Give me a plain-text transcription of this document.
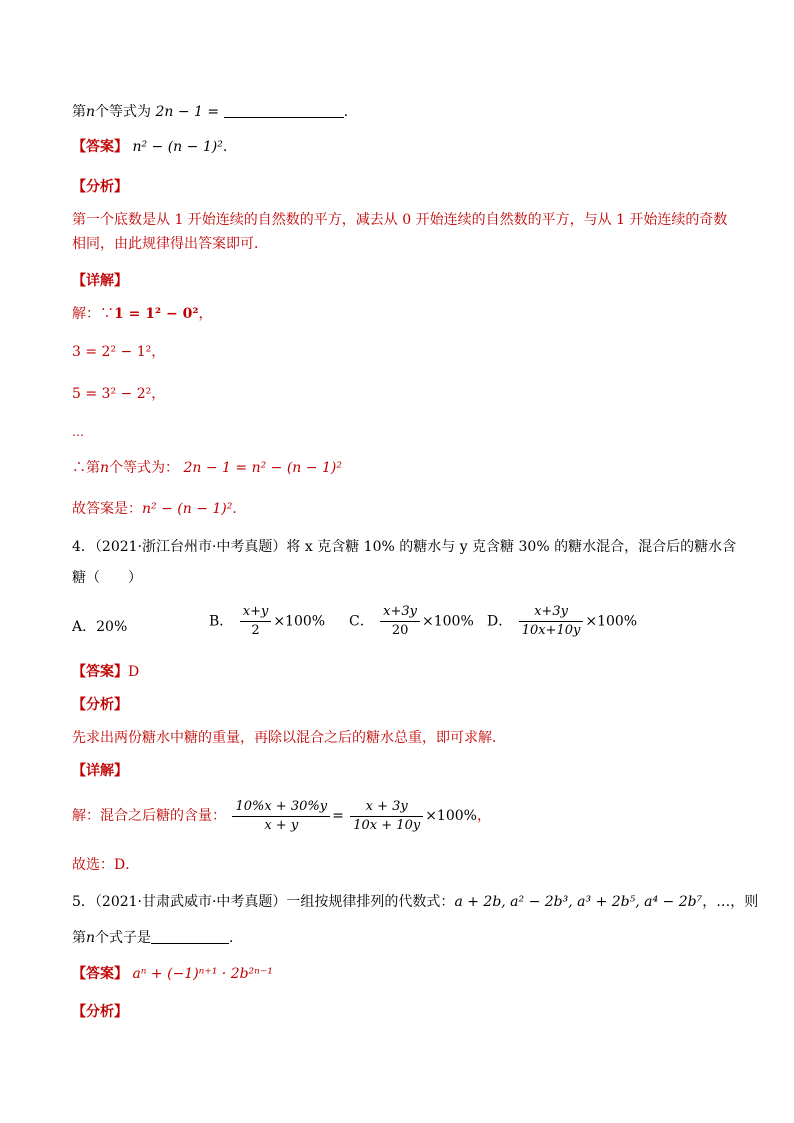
第n个等式为 2n − 1 =	.
【答案】 n² − (n − 1)².
【分析】
第一个底数是从 1 开始连续的自然数的平方，减去从 0 开始连续的自然数的平方，与从 1 开始连续的奇数
相同，由此规律得出答案即可．
【详解】
解：∵1 = 1² − 0²，
3 = 2² − 1²，
5 = 3² − 2²，
…
∴第n个等式为： 2n − 1 = n² − (n − 1)²
故答案是：n² − (n − 1)².
4．（2021·浙江台州市·中考真题）将 x 克含糖 10% 的糖水与 y 克含糖 30% 的糖水混合，混合后的糖水含
糖（　　）
A．20%	B． $\frac{x+y}{2} \times 100\%$ C． $\frac{x+3y}{20} \times 100\%$ D． $\frac{x+3y}{10x+10y} \times 100\%$
【答案】D
【分析】
先求出两份糖水中糖的重量，再除以混合之后的糖水总重，即可求解．
【详解】
解：混合之后糖的含量： $\frac{10\%x + 30\%y}{x + y} = \frac{x + 3y}{10x + 10y} \times 100\%$，
故选：D．
5．（2021·甘肃武威市·中考真题）一组按规律排列的代数式：a + 2b, a² − 2b³, a³ + 2b⁵, a⁴ − 2b⁷，…，则
第n个式子是	.
【答案】 aⁿ + (−1)ⁿ⁺¹ · 2b²ⁿ⁻¹
【分析】
